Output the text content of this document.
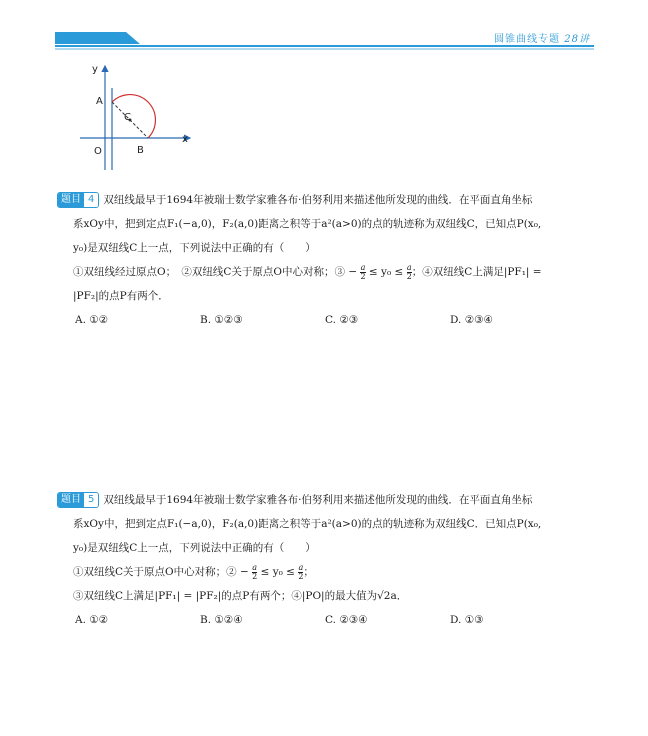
圆锥曲线专题 28讲
y
x
O
A
B
C
题目 4 双纽线最早于1694年被瑞士数学家雅各布·伯努利用来描述他所发现的曲线．在平面直角坐标
系xOy中，把到定点F₁(−a,0)，F₂(a,0)距离之积等于a²(a>0)的点的轨迹称为双纽线C，已知点P(x₀,
y₀)是双纽线C上一点，下列说法中正确的有（　　）
①双纽线经过原点O；　②双纽线C关于原点O中心对称；③ − $\frac{a}{2} \le y_0 \le \frac{a}{2}$ ；④双纽线C上满足|PF₁| =
|PF₂|的点P有两个．
A. ①②	B. ①②③	C. ②③	D. ②③④
题目 5 双纽线最早于1694年被瑞士数学家雅各布·伯努利用来描述他所发现的曲线．在平面直角坐标
系xOy中，把到定点F₁(−a,0)，F₂(a,0)距离之积等于a²(a>0)的点的轨迹称为双纽线C．已知点P(x₀,
y₀)是双纽线C上一点，下列说法中正确的有（　　）
①双纽线C关于原点O中心对称；② − $\frac{a}{2} \le y_0 \le \frac{a}{2}$ ；
③双纽线C上满足|PF₁| = |PF₂|的点P有两个；④|PO|的最大值为√2a．
A. ①②	B. ①②④	C. ②③④	D. ①③
